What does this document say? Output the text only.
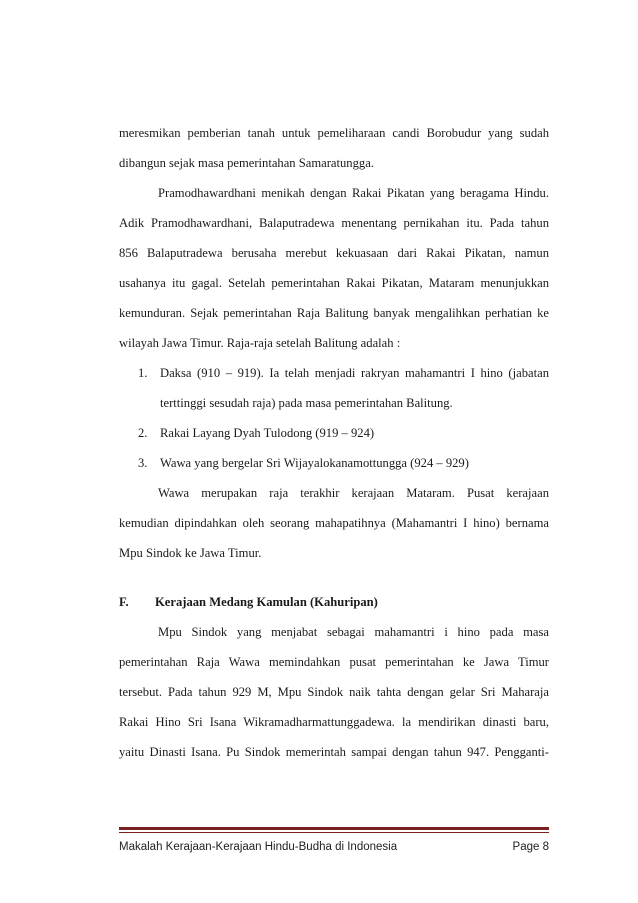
meresmikan pemberian tanah untuk pemeliharaan candi Borobudur yang sudah
dibangun sejak masa pemerintahan Samaratungga.
Pramodhawardhani menikah dengan Rakai Pikatan yang beragama Hindu.
Adik Pramodhawardhani, Balaputradewa menentang pernikahan itu. Pada tahun
856 Balaputradewa berusaha merebut kekuasaan dari Rakai Pikatan, namun
usahanya itu gagal. Setelah pemerintahan Rakai Pikatan, Mataram menunjukkan
kemunduran. Sejak pemerintahan Raja Balitung banyak mengalihkan perhatian ke
wilayah Jawa Timur. Raja-raja setelah Balitung adalah :
1. Daksa (910 – 919). Ia telah menjadi rakryan mahamantri I hino (jabatan
terttinggi sesudah raja) pada masa pemerintahan Balitung.
2. Rakai Layang Dyah Tulodong (919 – 924)
3. Wawa yang bergelar Sri Wijayalokanamottungga (924 – 929)
Wawa merupakan raja terakhir kerajaan Mataram. Pusat kerajaan
kemudian dipindahkan oleh seorang mahapatihnya (Mahamantri I hino) bernama
Mpu Sindok ke Jawa Timur.
F. Kerajaan Medang Kamulan (Kahuripan)
Mpu Sindok yang menjabat sebagai mahamantri i hino pada masa
pemerintahan Raja Wawa memindahkan pusat pemerintahan ke Jawa Timur
tersebut. Pada tahun 929 M, Mpu Sindok naik tahta dengan gelar Sri Maharaja
Rakai Hino Sri Isana Wikramadharmattunggadewa. la mendirikan dinasti baru,
yaitu Dinasti Isana. Pu Sindok memerintah sampai dengan tahun 947. Pengganti-
Makalah Kerajaan-Kerajaan Hindu-Budha di Indonesia	Page 8
